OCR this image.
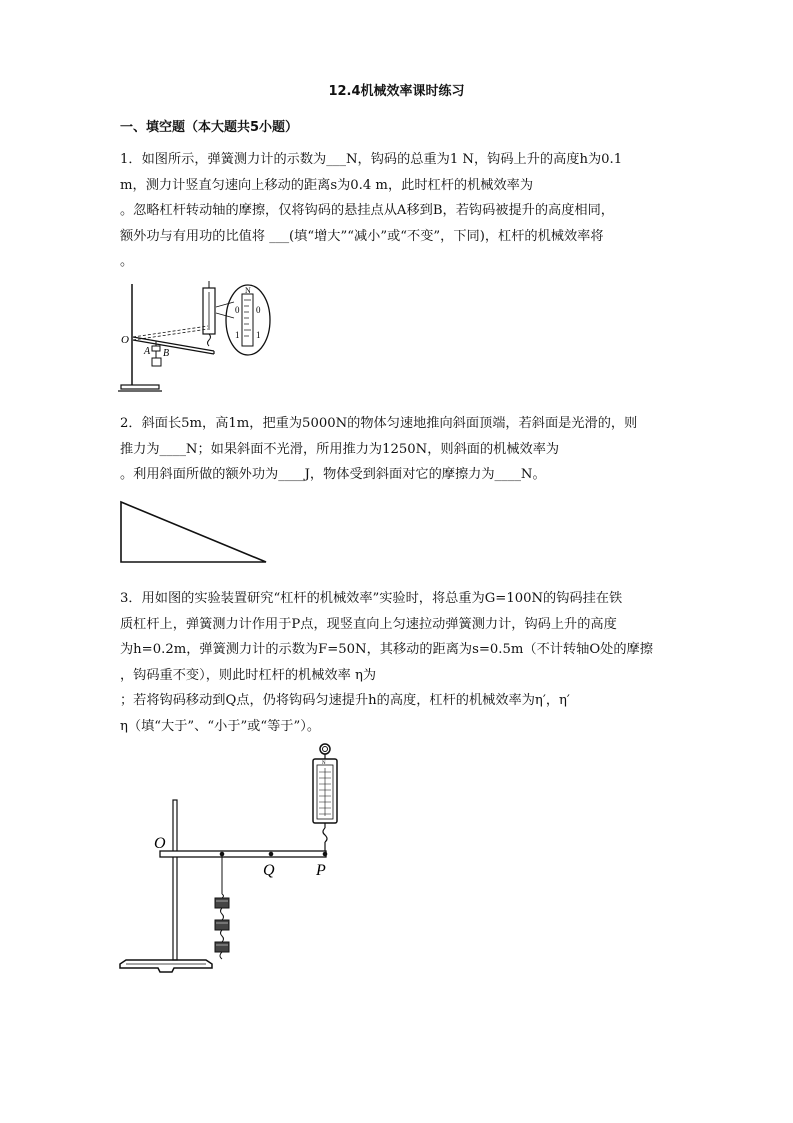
12.4机械效率课时练习
一、填空题（本大题共5小题）

1．如图所示，弹簧测力计的示数为___N，钩码的总重为1 N，钩码上升的高度h为0.1

m，测力计竖直匀速向上移动的距离s为0.4 m，此时杠杆的机械效率为

。忽略杠杆转动轴的摩擦，仅将钩码的悬挂点从A移到B，若钩码被提升的高度相同，

额外功与有用功的比值将 ___(填“增大”“减小”或“不变”，下同)，杠杆的机械效率将

。

N
0 0
1 1
O
A B

2．斜面长5m，高1m，把重为5000N的物体匀速地推向斜面顶端，若斜面是光滑的，则

推力为____N；如果斜面不光滑，所用推力为1250N，则斜面的机械效率为

。利用斜面所做的额外功为____J，物体受到斜面对它的摩擦力为____N。

3．用如图的实验装置研究“杠杆的机械效率”实验时，将总重为G=100N的钩码挂在铁

质杠杆上，弹簧测力计作用于P点，现竖直向上匀速拉动弹簧测力计，钩码上升的高度

为h=0.2m，弹簧测力计的示数为F=50N，其移动的距离为s=0.5m（不计转轴O处的摩擦

，钩码重不变），则此时杠杆的机械效率 η为

；若将钩码移动到Q点，仍将钩码匀速提升h的高度，杠杆的机械效率为η′，η′

η（填“大于”、“小于”或“等于”）。

N
O
Q	P
